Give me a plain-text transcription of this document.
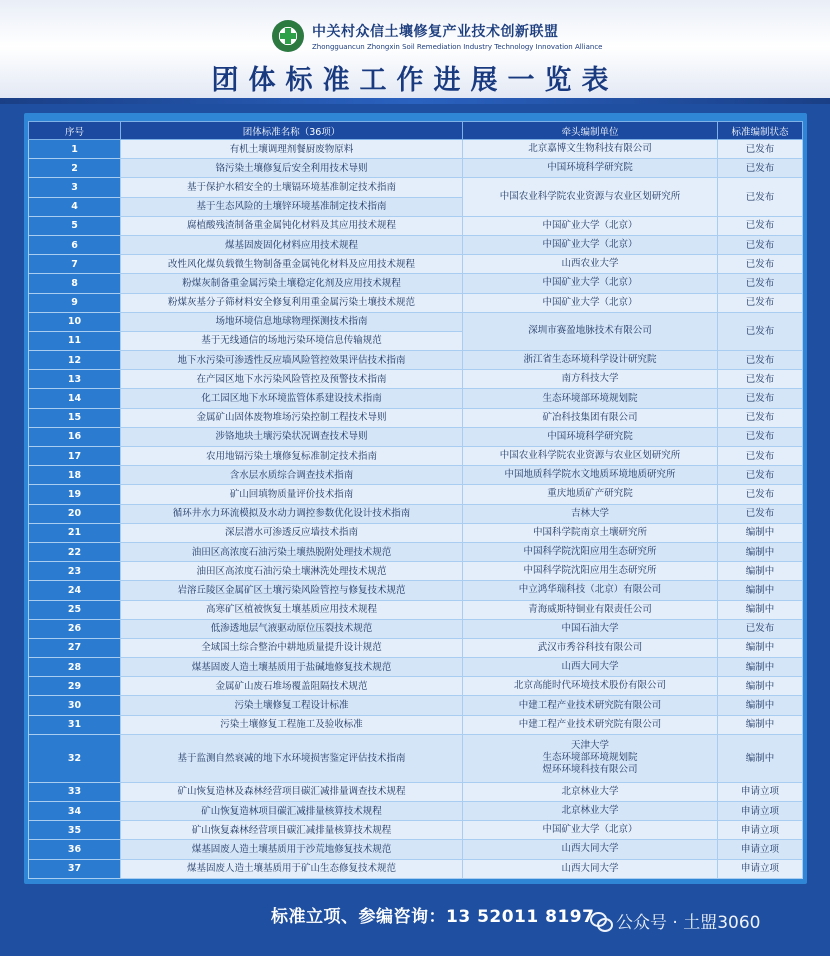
中关村众信土壤修复产业技术创新联盟
Zhongguancun Zhongxin Soil Remediation Industry Technology Innovation Alliance
团体标准工作进展一览表
序号	团体标准名称（36项）	牵头编制单位	标准编制状态
1	有机土壤调理剂餐厨废物原料	北京嘉博文生物科技有限公司	已发布
2	铬污染土壤修复后安全利用技术导则	中国环境科学研究院	已发布
3	基于保护水稻安全的土壤镉环境基准制定技术指南	中国农业科学院农业资源与农业区划研究所	已发布
4	基于生态风险的土壤锌环境基准制定技术指南		
5	腐植酸残渣制备重金属钝化材料及其应用技术规程	中国矿业大学（北京）	已发布
6	煤基固废固化材料应用技术规程	中国矿业大学（北京）	已发布
7	改性风化煤负载微生物制备重金属钝化材料及应用技术规程	山西农业大学	已发布
8	粉煤灰制备重金属污染土壤稳定化剂及应用技术规程	中国矿业大学（北京）	已发布
9	粉煤灰基分子筛材料安全修复利用重金属污染土壤技术规范	中国矿业大学（北京）	已发布
10	场地环境信息地球物理探测技术指南	深圳市赛盈地脉技术有限公司	已发布
11	基于无线通信的场地污染环境信息传输规范		
12	地下水污染可渗透性反应墙风险管控效果评估技术指南	浙江省生态环境科学设计研究院	已发布
13	在产园区地下水污染风险管控及预警技术指南	南方科技大学	已发布
14	化工园区地下水环境监管体系建设技术指南	生态环境部环境规划院	已发布
15	金属矿山固体废物堆场污染控制工程技术导则	矿冶科技集团有限公司	已发布
16	涉铬地块土壤污染状况调查技术导则	中国环境科学研究院	已发布
17	农用地镉污染土壤修复标准制定技术指南	中国农业科学院农业资源与农业区划研究所	已发布
18	含水层水质综合调查技术指南	中国地质科学院水文地质环境地质研究所	已发布
19	矿山回填物质量评价技术指南	重庆地质矿产研究院	已发布
20	循环井水力环流模拟及水动力调控参数优化设计技术指南	吉林大学	已发布
21	深层潜水可渗透反应墙技术指南	中国科学院南京土壤研究所	编制中
22	油田区高浓度石油污染土壤热脱附处理技术规范	中国科学院沈阳应用生态研究所	编制中
23	油田区高浓度石油污染土壤淋洗处理技术规范	中国科学院沈阳应用生态研究所	编制中
24	岩溶丘陵区金属矿区土壤污染风险管控与修复技术规范	中立鸿华瑞科技（北京）有限公司	编制中
25	高寒矿区植被恢复土壤基质应用技术规程	青海威斯特铜业有限责任公司	编制中
26	低渗透地层气液驱动原位压裂技术规范	中国石油大学	已发布
27	全域国土综合整治中耕地质量提升设计规范	武汉市秀谷科技有限公司	编制中
28	煤基固废人造土壤基质用于盐碱地修复技术规范	山西大同大学	编制中
29	金属矿山废石堆场覆盖阻隔技术规范	北京高能时代环境技术股份有限公司	编制中
30	污染土壤修复工程设计标准	中建工程产业技术研究院有限公司	编制中
31	污染土壤修复工程施工及验收标准	中建工程产业技术研究院有限公司	编制中
32	基于监测自然衰减的地下水环境损害鉴定评估技术指南	天津大学
生态环境部环境规划院
煜环环境科技有限公司	编制中
33	矿山恢复造林及森林经营项目碳汇减排量调查技术规程	北京林业大学	申请立项
34	矿山恢复造林项目碳汇减排量核算技术规程	北京林业大学	申请立项
35	矿山恢复森林经营项目碳汇减排量核算技术规程	中国矿业大学（北京）	申请立项
36	煤基固废人造土壤基质用于沙荒地修复技术规范	山西大同大学	申请立项
37	煤基固废人造土壤基质用于矿山生态修复技术规范	山西大同大学	申请立项
标准立项、参编咨询：13 52011 8197 公众号 · 土盟3060
